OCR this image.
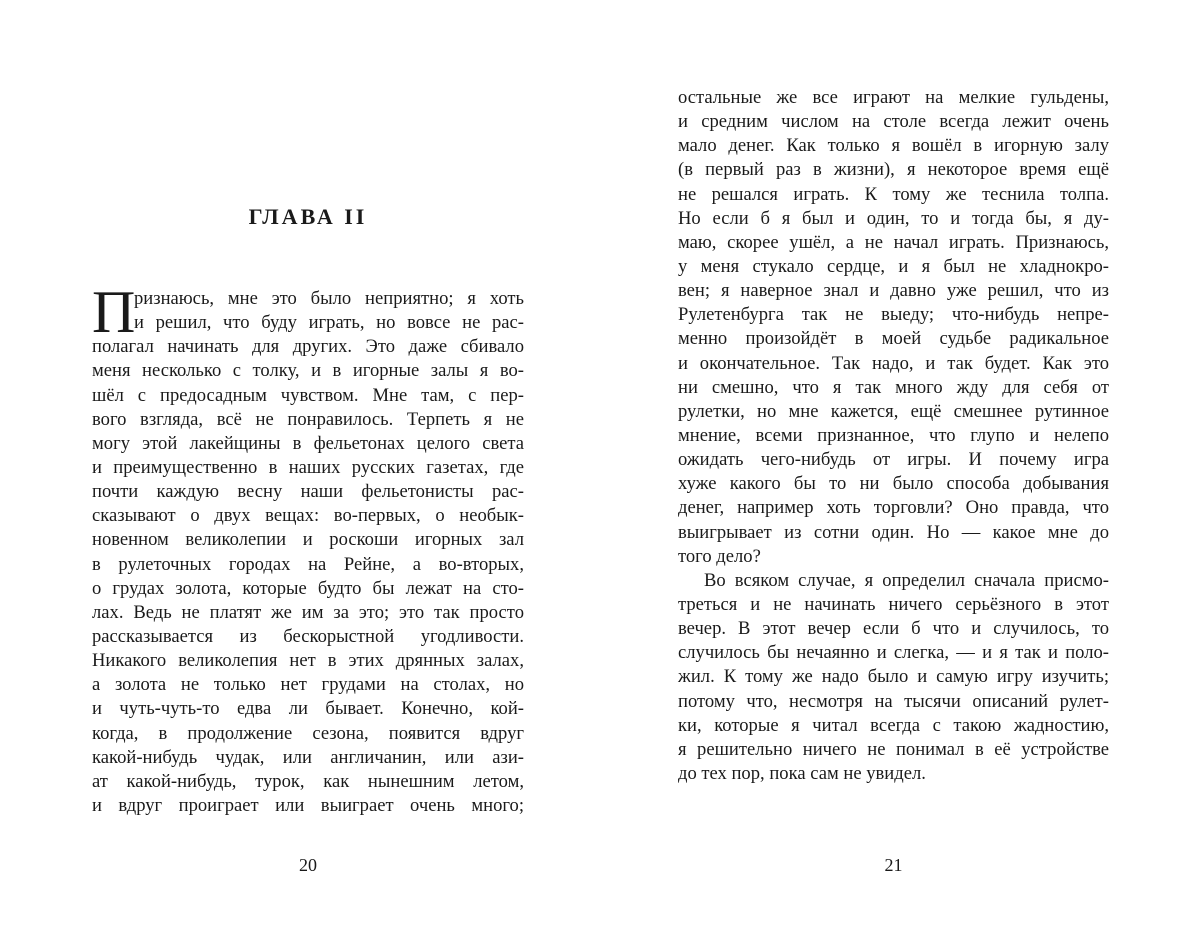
ГЛАВА II
П
ризнаюсь, мне это было неприятно; я хоть
и решил, что буду играть, но вовсе не рас-
полагал начинать для других. Это даже сбивало
меня несколько с толку, и в игорные залы я во-
шёл с предосадным чувством. Мне там, с пер-
вого взгляда, всё не понравилось. Терпеть я не
могу этой лакейщины в фельетонах целого света
и преимущественно в наших русских газетах, где
почти каждую весну наши фельетонисты рас-
сказывают о двух вещах: во-первых, о необык-
новенном великолепии и роскоши игорных зал
в рулеточных городах на Рейне, а во-вторых,
о грудах золота, которые будто бы лежат на сто-
лах. Ведь не платят же им за это; это так просто
рассказывается из бескорыстной угодливости.
Никакого великолепия нет в этих дрянных залах,
а золота не только нет грудами на столах, но
и чуть-чуть-то едва ли бывает. Конечно, кой-
когда, в продолжение сезона, появится вдруг
какой-нибудь чудак, или англичанин, или ази-
ат какой-нибудь, турок, как нынешним летом,
и вдруг проиграет или выиграет очень много;
20
остальные же все играют на мелкие гульдены,
и средним числом на столе всегда лежит очень
мало денег. Как только я вошёл в игорную залу
(в первый раз в жизни), я некоторое время ещё
не решался играть. К тому же теснила толпа.
Но если б я был и один, то и тогда бы, я ду-
маю, скорее ушёл, а не начал играть. Признаюсь,
у меня стукало сердце, и я был не хладнокро-
вен; я наверное знал и давно уже решил, что из
Рулетенбурга так не выеду; что-нибудь непре-
менно произойдёт в моей судьбе радикальное
и окончательное. Так надо, и так будет. Как это
ни смешно, что я так много жду для себя от
рулетки, но мне кажется, ещё смешнее рутинное
мнение, всеми признанное, что глупо и нелепо
ожидать чего-нибудь от игры. И почему игра
хуже какого бы то ни было способа добывания
денег, например хоть торговли? Оно правда, что
выигрывает из сотни один. Но — какое мне до
того дело?
Во всяком случае, я определил сначала присмо-
треться и не начинать ничего серьёзного в этот
вечер. В этот вечер если б что и случилось, то
случилось бы нечаянно и слегка, — и я так и поло-
жил. К тому же надо было и самую игру изучить;
потому что, несмотря на тысячи описаний рулет-
ки, которые я читал всегда с такою жадностию,
я решительно ничего не понимал в её устройстве
до тех пор, пока сам не увидел.
21
